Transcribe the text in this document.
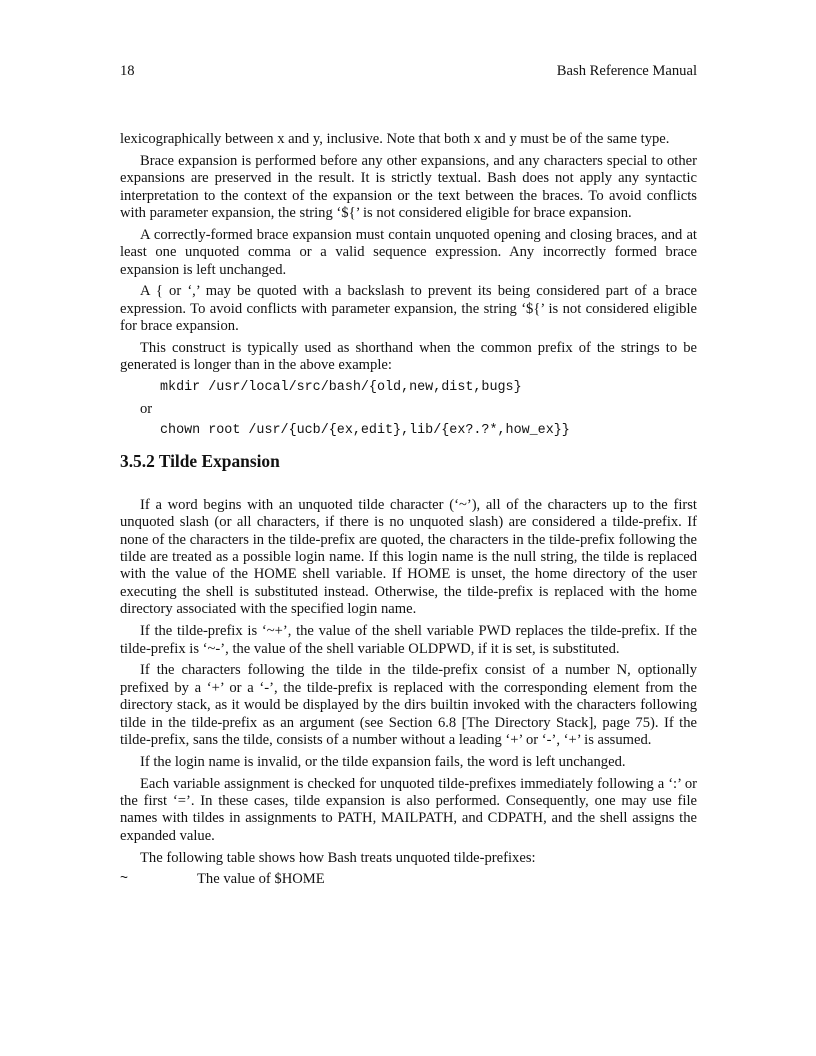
18	Bash Reference Manual

lexicographically between x and y, inclusive. Note that both x and y must be of the same type.

Brace expansion is performed before any other expansions, and any characters special to other expansions are preserved in the result. It is strictly textual. Bash does not apply any syntactic interpretation to the context of the expansion or the text between the braces. To avoid conflicts with parameter expansion, the string ‘${’ is not considered eligible for brace expansion.

A correctly-formed brace expansion must contain unquoted opening and closing braces, and at least one unquoted comma or a valid sequence expression. Any incorrectly formed brace expansion is left unchanged.

A { or ‘,’ may be quoted with a backslash to prevent its being considered part of a brace expression. To avoid conflicts with parameter expansion, the string ‘${’ is not considered eligible for brace expansion.

This construct is typically used as shorthand when the common prefix of the strings to be generated is longer than in the above example:

mkdir /usr/local/src/bash/{old,new,dist,bugs}
or
chown root /usr/{ucb/{ex,edit},lib/{ex?.?*,how_ex}}
3.5.2 Tilde Expansion

If a word begins with an unquoted tilde character (‘~’), all of the characters up to the first unquoted slash (or all characters, if there is no unquoted slash) are considered a tilde-prefix. If none of the characters in the tilde-prefix are quoted, the characters in the tilde-prefix following the tilde are treated as a possible login name. If this login name is the null string, the tilde is replaced with the value of the HOME shell variable. If HOME is unset, the home directory of the user executing the shell is substituted instead. Otherwise, the tilde-prefix is replaced with the home directory associated with the specified login name.

If the tilde-prefix is ‘~+’, the value of the shell variable PWD replaces the tilde-prefix. If the tilde-prefix is ‘~-’, the value of the shell variable OLDPWD, if it is set, is substituted.

If the characters following the tilde in the tilde-prefix consist of a number N, optionally prefixed by a ‘+’ or a ‘-’, the tilde-prefix is replaced with the corresponding element from the directory stack, as it would be displayed by the dirs builtin invoked with the characters following tilde in the tilde-prefix as an argument (see Section 6.8 [The Directory Stack], page 75). If the tilde-prefix, sans the tilde, consists of a number without a leading ‘+’ or ‘-’, ‘+’ is assumed.

If the login name is invalid, or the tilde expansion fails, the word is left unchanged.

Each variable assignment is checked for unquoted tilde-prefixes immediately following a ‘:’ or the first ‘=’. In these cases, tilde expansion is also performed. Consequently, one may use file names with tildes in assignments to PATH, MAILPATH, and CDPATH, and the shell assigns the expanded value.

The following table shows how Bash treats unquoted tilde-prefixes:

~	The value of $HOME
